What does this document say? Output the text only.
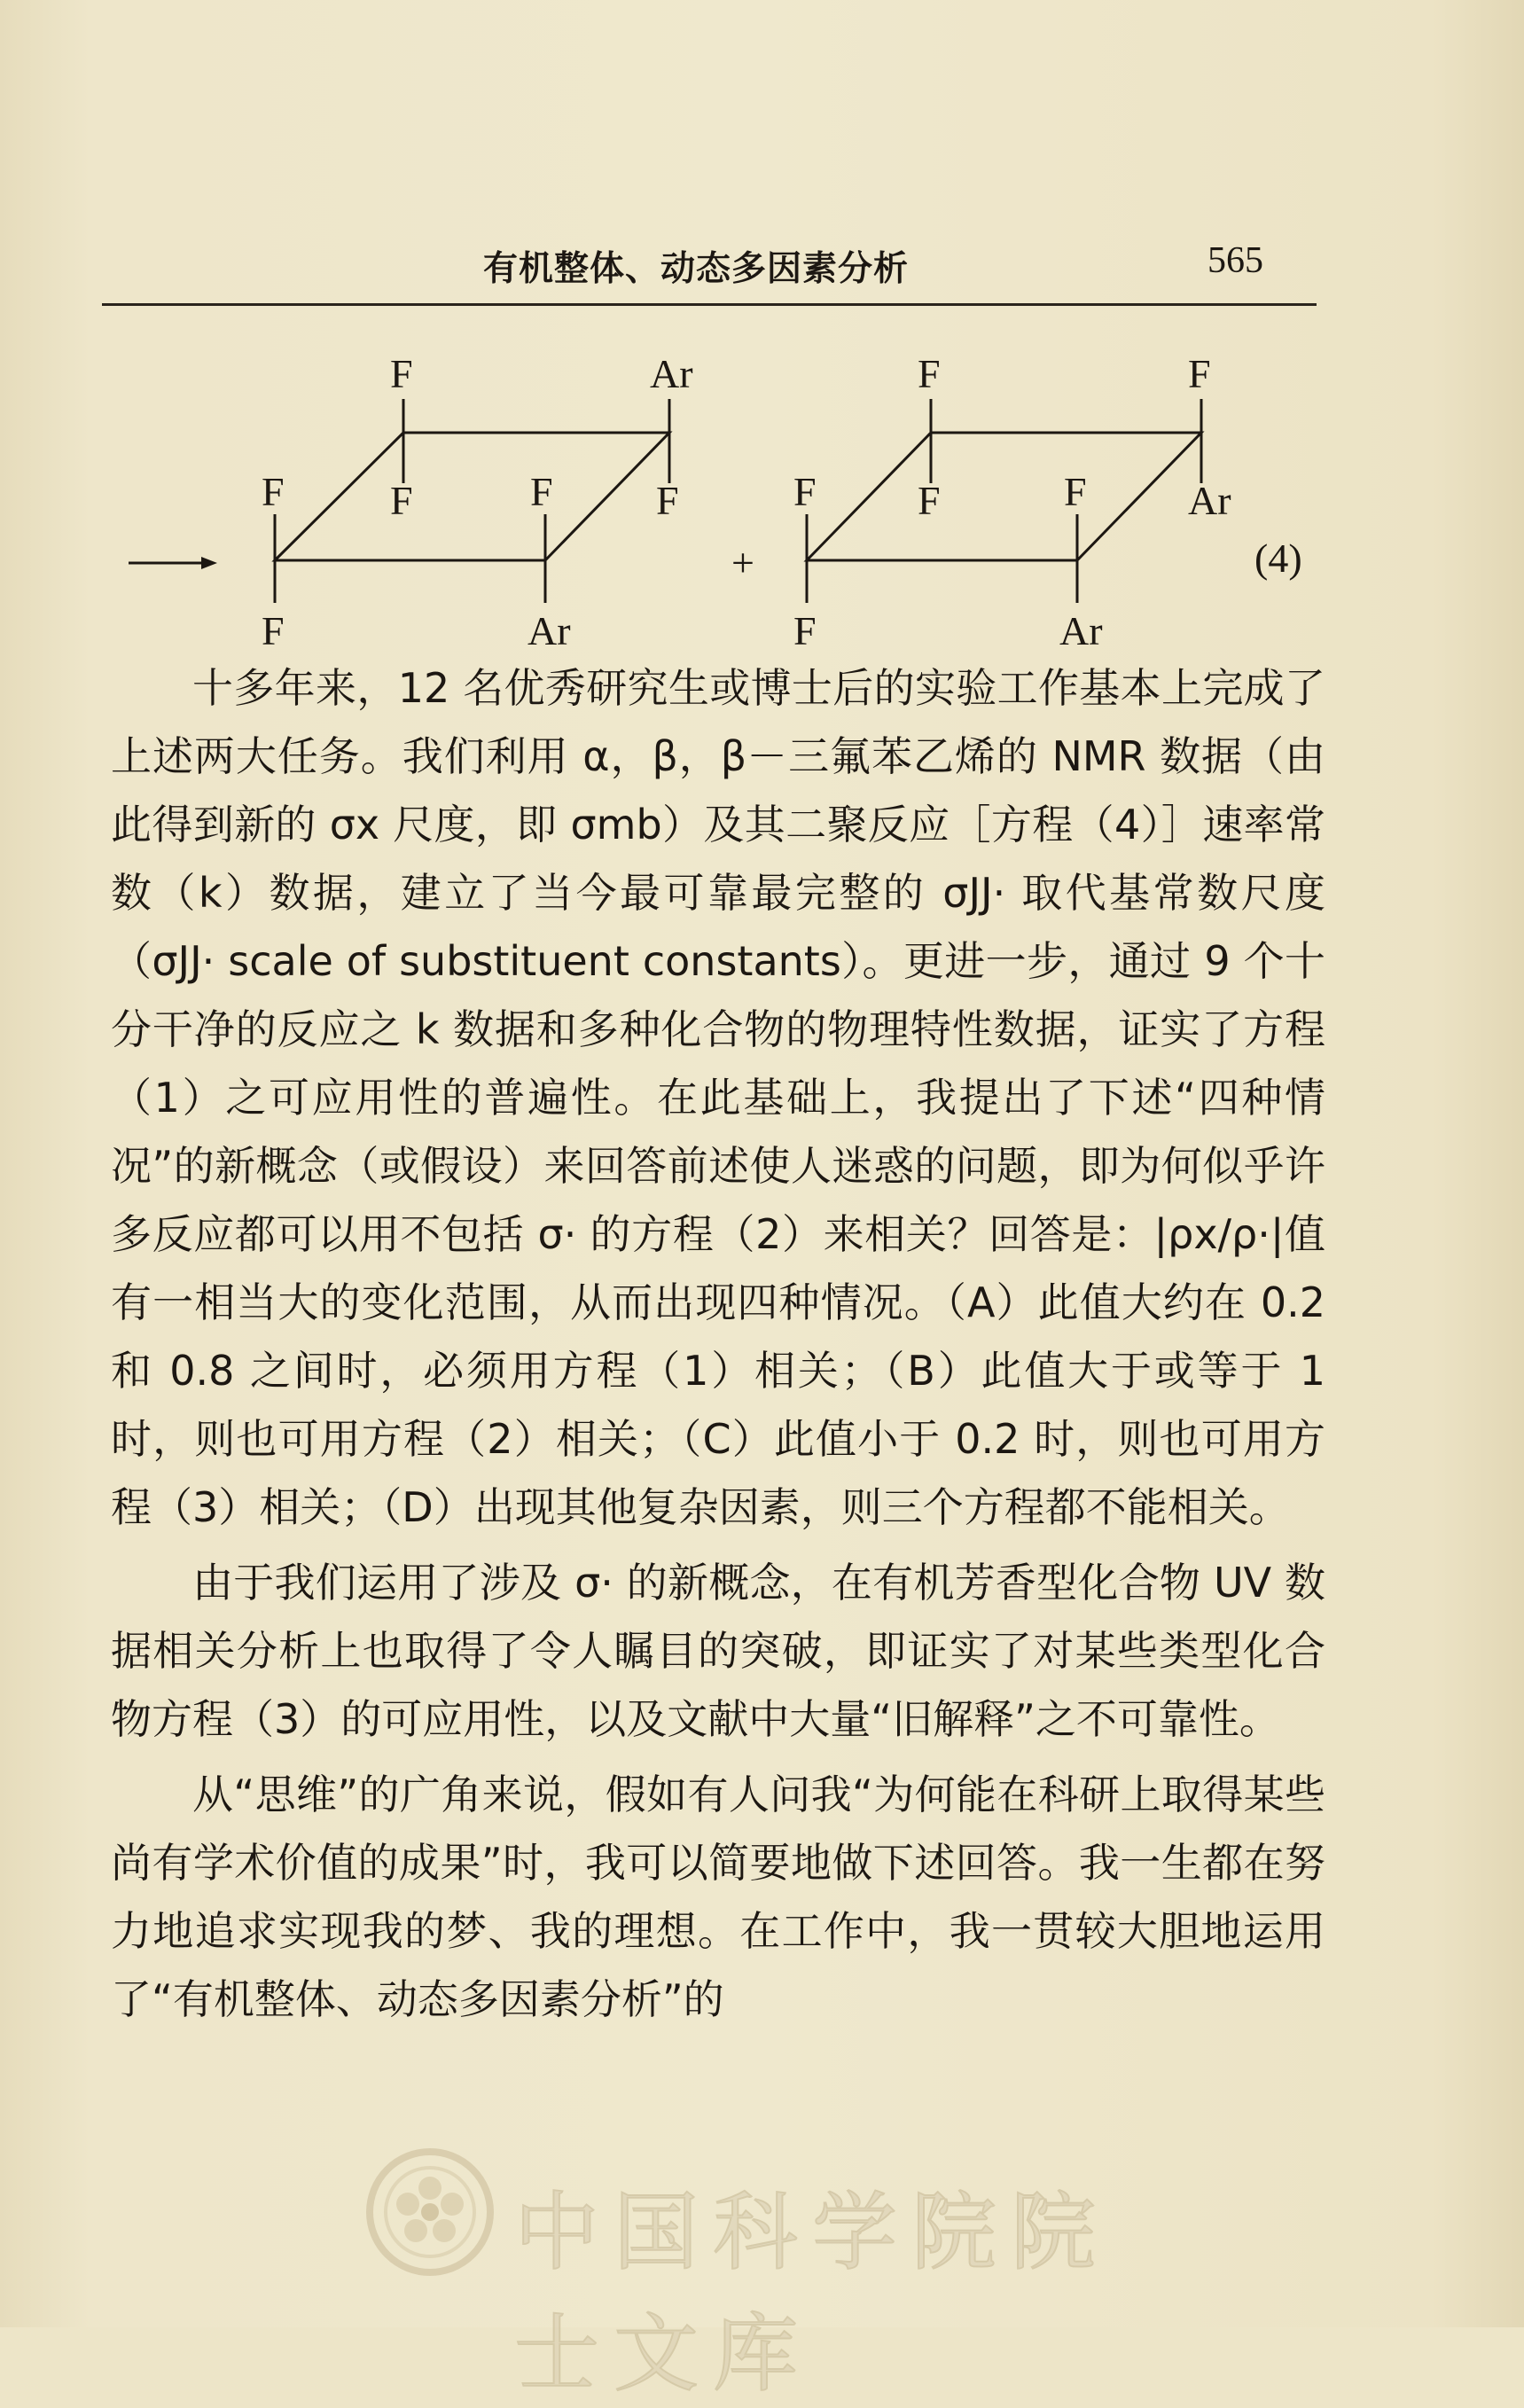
有机整体、动态多因素分析	565
F	Ar
F	F	F	F
F	Ar
+
F	F
F F	F Ar
F	Ar
(4)

十多年来，12 名优秀研究生或博士后的实验工作基本上完成了上述两大任务。我们利用 α，β，β－三氟苯乙烯的 NMR 数据（由此得到新的 σx 尺度，即 σmb）及其二聚反应［方程（4）］速率常数（k）数据，建立了当今最可靠最完整的 σJJ· 取代基常数尺度（σJJ· scale of substituent constants）。更进一步，通过 9 个十分干净的反应之 k 数据和多种化合物的物理特性数据，证实了方程（1）之可应用性的普遍性。在此基础上，我提出了下述“四种情况”的新概念（或假设）来回答前述使人迷惑的问题，即为何似乎许多反应都可以用不包括 σ· 的方程（2）来相关？回答是：|ρx/ρ·|值有一相当大的变化范围，从而出现四种情况。（A）此值大约在 0.2 和 0.8 之间时，必须用方程（1）相关；（B）此值大于或等于 1 时，则也可用方程（2）相关；（C）此值小于 0.2 时，则也可用方程（3）相关；（D）出现其他复杂因素，则三个方程都不能相关。

由于我们运用了涉及 σ· 的新概念，在有机芳香型化合物 UV 数据相关分析上也取得了令人瞩目的突破，即证实了对某些类型化合物方程（3）的可应用性，以及文献中大量“旧解释”之不可靠性。

从“思维”的广角来说，假如有人问我“为何能在科研上取得某些尚有学术价值的成果”时，我可以简要地做下述回答。我一生都在努力地追求实现我的梦、我的理想。在工作中，我一贯较大胆地运用了“有机整体、动态多因素分析”的

中国科学院院士文库
